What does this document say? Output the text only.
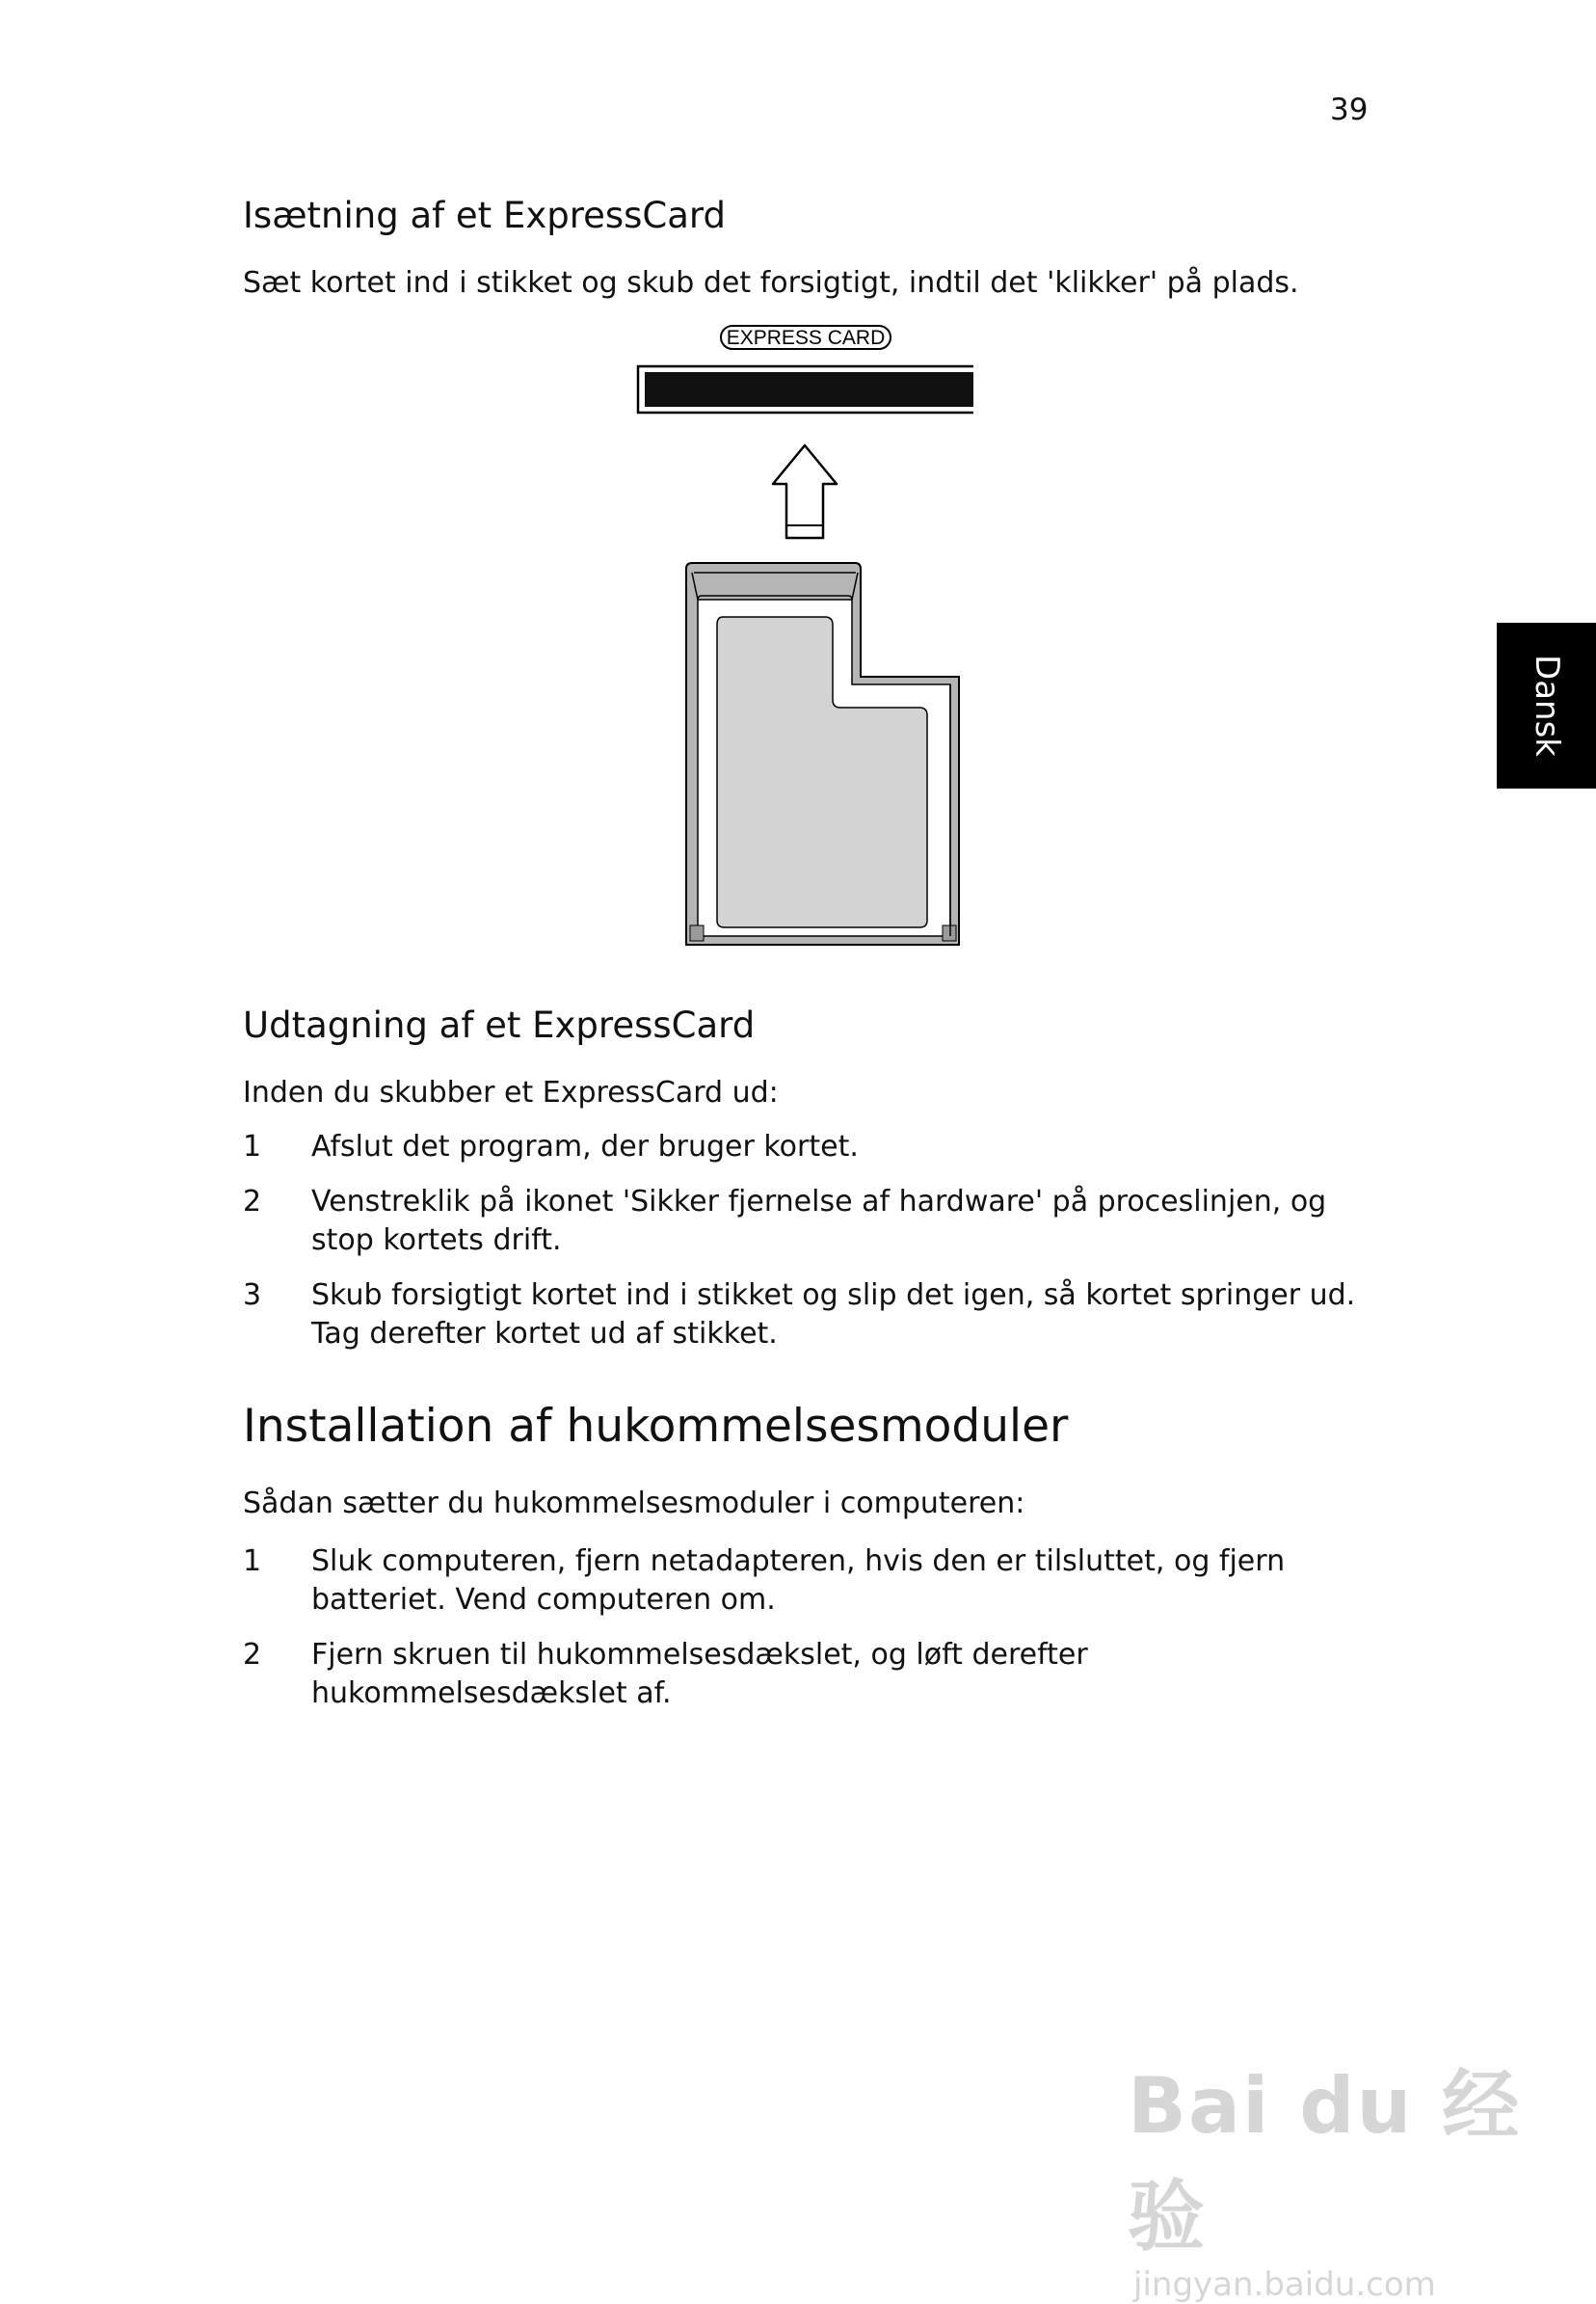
39
Dansk
Isætning af et ExpressCard

Sæt kortet ind i stikket og skub det forsigtigt, indtil det 'klikker' på plads.

EXPRESS CARD
Udtagning af et ExpressCard

Inden du skubber et ExpressCard ud:

1	Afslut det program, der bruger kortet.
2	Venstreklik på ikonet 'Sikker fjernelse af hardware' på proceslinjen, og
stop kortets drift.
3	Skub forsigtigt kortet ind i stikket og slip det igen, så kortet springer ud.
Tag derefter kortet ud af stikket.
Installation af hukommelsesmoduler

Sådan sætter du hukommelsesmoduler i computeren:

1	Sluk computeren, fjern netadapteren, hvis den er tilsluttet, og fjern
batteriet. Vend computeren om.
2	Fjern skruen til hukommelsesdækslet, og løft derefter
hukommelsesdækslet af.
Bai du 经验
jingyan.baidu.com
